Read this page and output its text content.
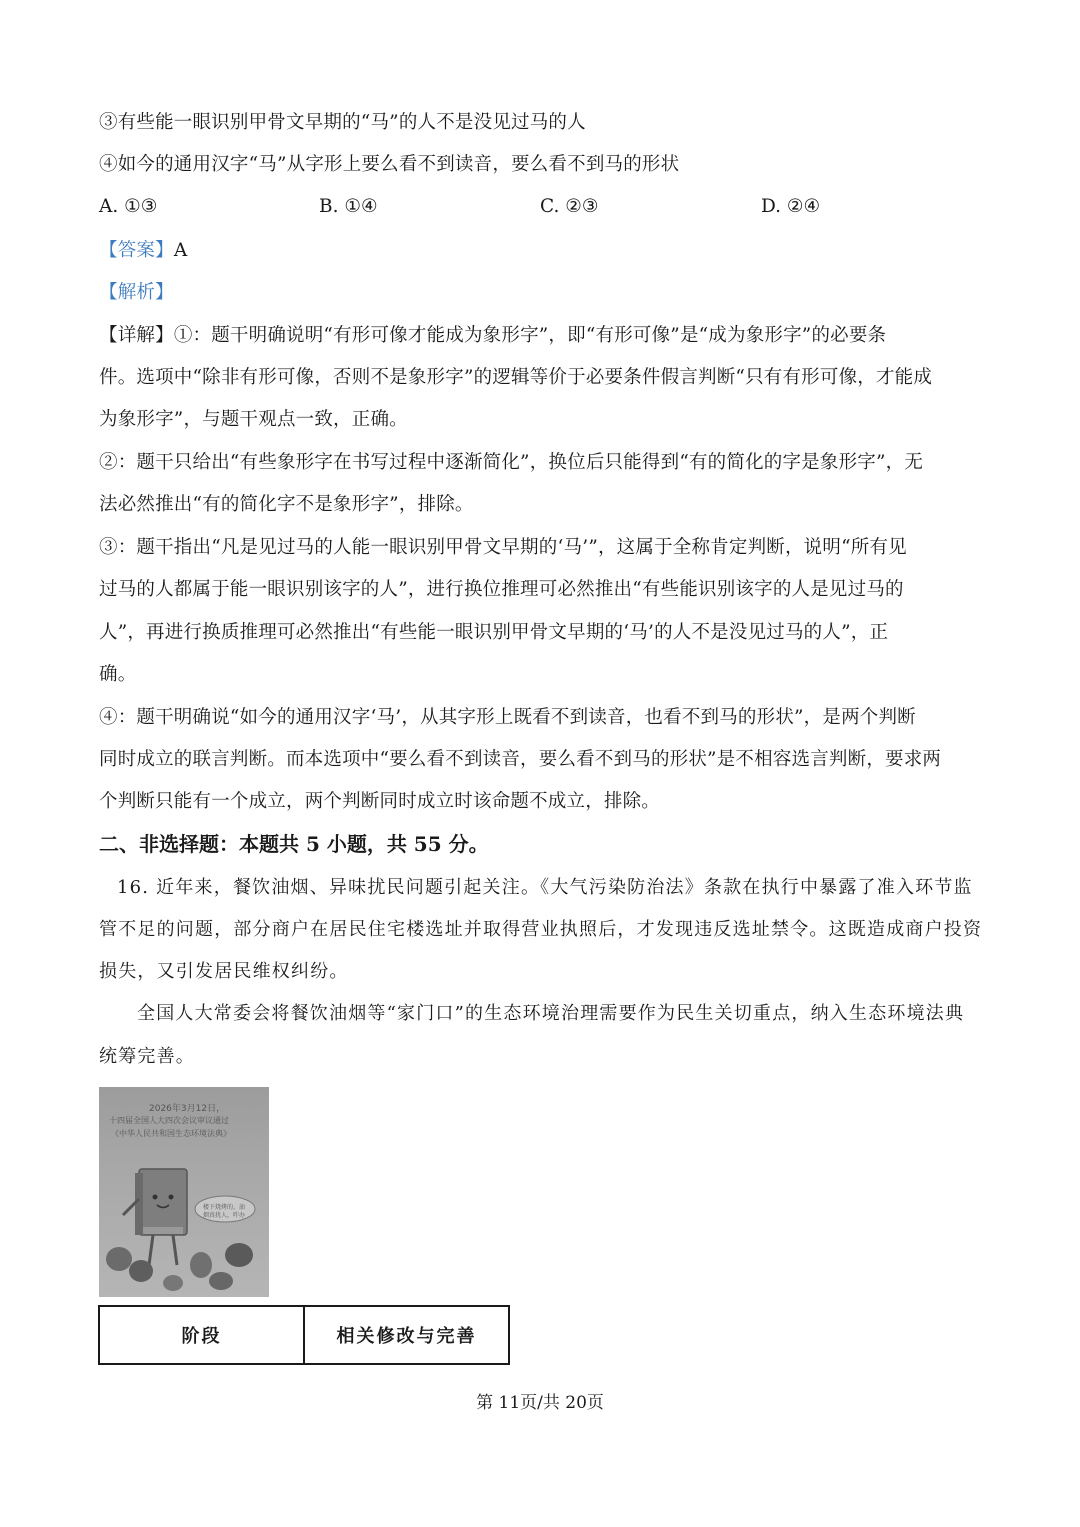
③有些能一眼识别甲骨文早期的“马”的人不是没见过马的人
④如今的通用汉字“马”从字形上要么看不到读音，要么看不到马的形状
A. ①③	B. ①④	C. ②③	D. ②④
【答案】A
【解析】
【详解】①：题干明确说明“有形可像才能成为象形字”，即“有形可像”是“成为象形字”的必要条
件。选项中“除非有形可像，否则不是象形字”的逻辑等价于必要条件假言判断“只有有形可像，才能成
为象形字”，与题干观点一致，正确。
②：题干只给出“有些象形字在书写过程中逐渐简化”，换位后只能得到“有的简化的字是象形字”，无
法必然推出“有的简化字不是象形字”，排除。
③：题干指出“凡是见过马的人能一眼识别甲骨文早期的‘马’”，这属于全称肯定判断，说明“所有见
过马的人都属于能一眼识别该字的人”，进行换位推理可必然推出“有些能识别该字的人是见过马的
人”，再进行换质推理可必然推出“有些能一眼识别甲骨文早期的‘马’的人不是没见过马的人”，正
确。
④：题干明确说“如今的通用汉字‘马’，从其字形上既看不到读音，也看不到马的形状”，是两个判断
同时成立的联言判断。而本选项中“要么看不到读音，要么看不到马的形状”是不相容选言判断，要求两
个判断只能有一个成立，两个判断同时成立时该命题不成立，排除。
二、非选择题：本题共 5 小题，共 55 分。
16. 近年来，餐饮油烟、异味扰民问题引起关注。《大气污染防治法》条款在执行中暴露了准入环节监
管不足的问题，部分商户在居民住宅楼选址并取得营业执照后，才发现违反选址禁令。这既造成商户投资
损失，又引发居民维权纠纷。
全国人大常委会将餐饮油烟等“家门口”的生态环境治理需要作为民生关切重点，纳入生态环境法典
统筹完善。
2026年3月12日，
十四届全国人大四次会议审议通过
《中华人民共和国生态环境法典》
楼下烧烤的，油烟真扰人，咋办
阶段	相关修改与完善
第 11页/共 20页
